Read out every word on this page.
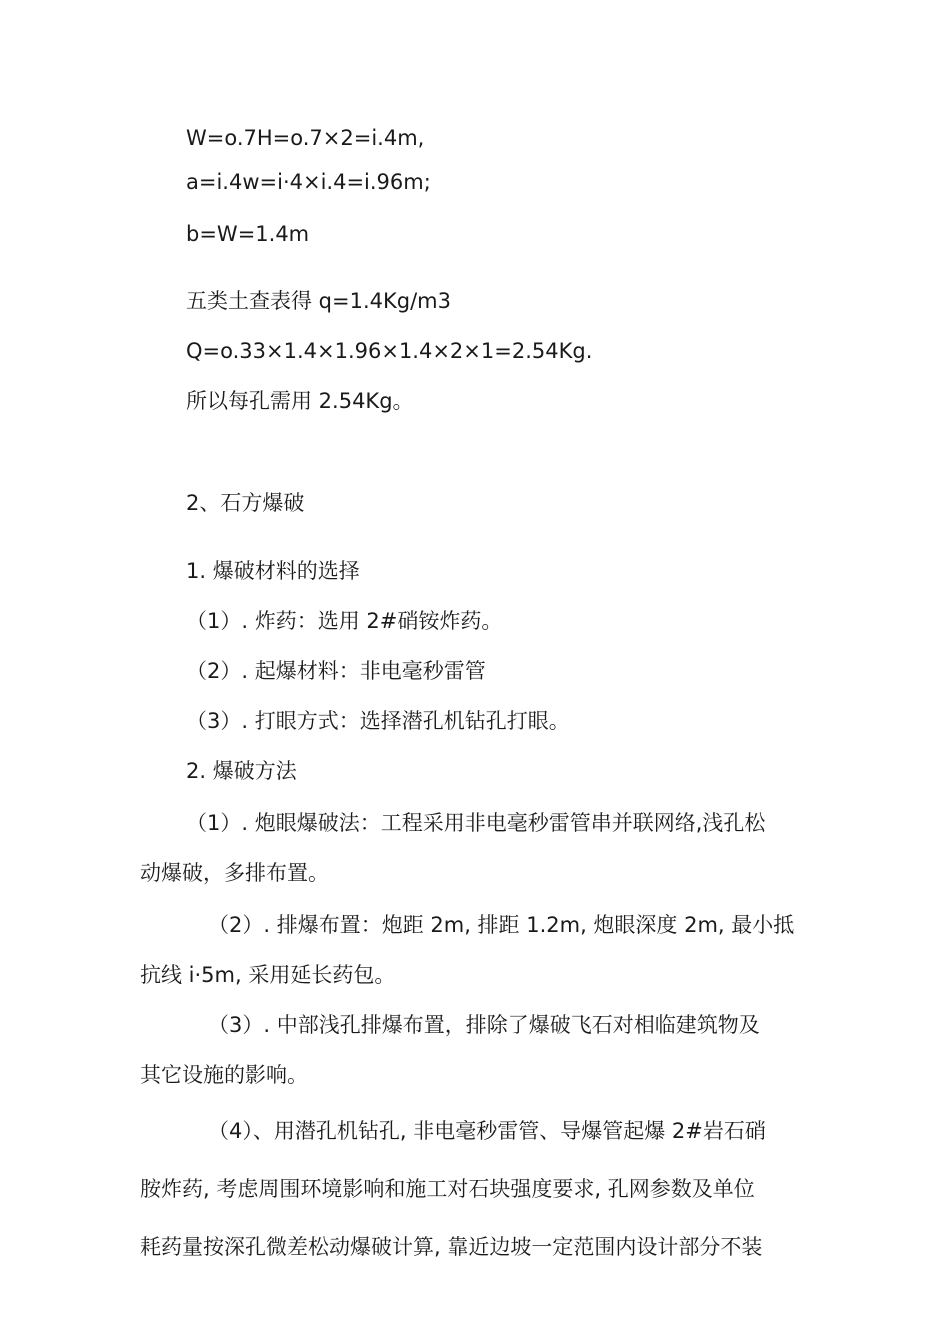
W=o.7H=o.7×2=i.4m,
a=i.4w=i·4×i.4=i.96m;
b=W=1.4m
五类土查表得 q=1.4Kg/m3
Q=o.33×1.4×1.96×1.4×2×1=2.54Kg.
所以每孔需用 2.54Kg。
2、石方爆破
1. 爆破材料的选择
（1）. 炸药：选用 2#硝铵炸药。
（2）. 起爆材料：非电毫秒雷管
（3）. 打眼方式：选择潜孔机钻孔打眼。
2. 爆破方法
（1）. 炮眼爆破法：工程采用非电毫秒雷管串并联网络,浅孔松
动爆破，多排布置。
（2）. 排爆布置：炮距 2m, 排距 1.2m, 炮眼深度 2m, 最小抵
抗线 i·5m, 采用延长药包。
（3）. 中部浅孔排爆布置，排除了爆破飞石对相临建筑物及
其它设施的影响。
（4）、用潜孔机钻孔, 非电毫秒雷管、导爆管起爆 2#岩石硝
胺炸药, 考虑周围环境影响和施工对石块强度要求, 孔网参数及单位
耗药量按深孔微差松动爆破计算, 靠近边坡一定范围内设计部分不装
